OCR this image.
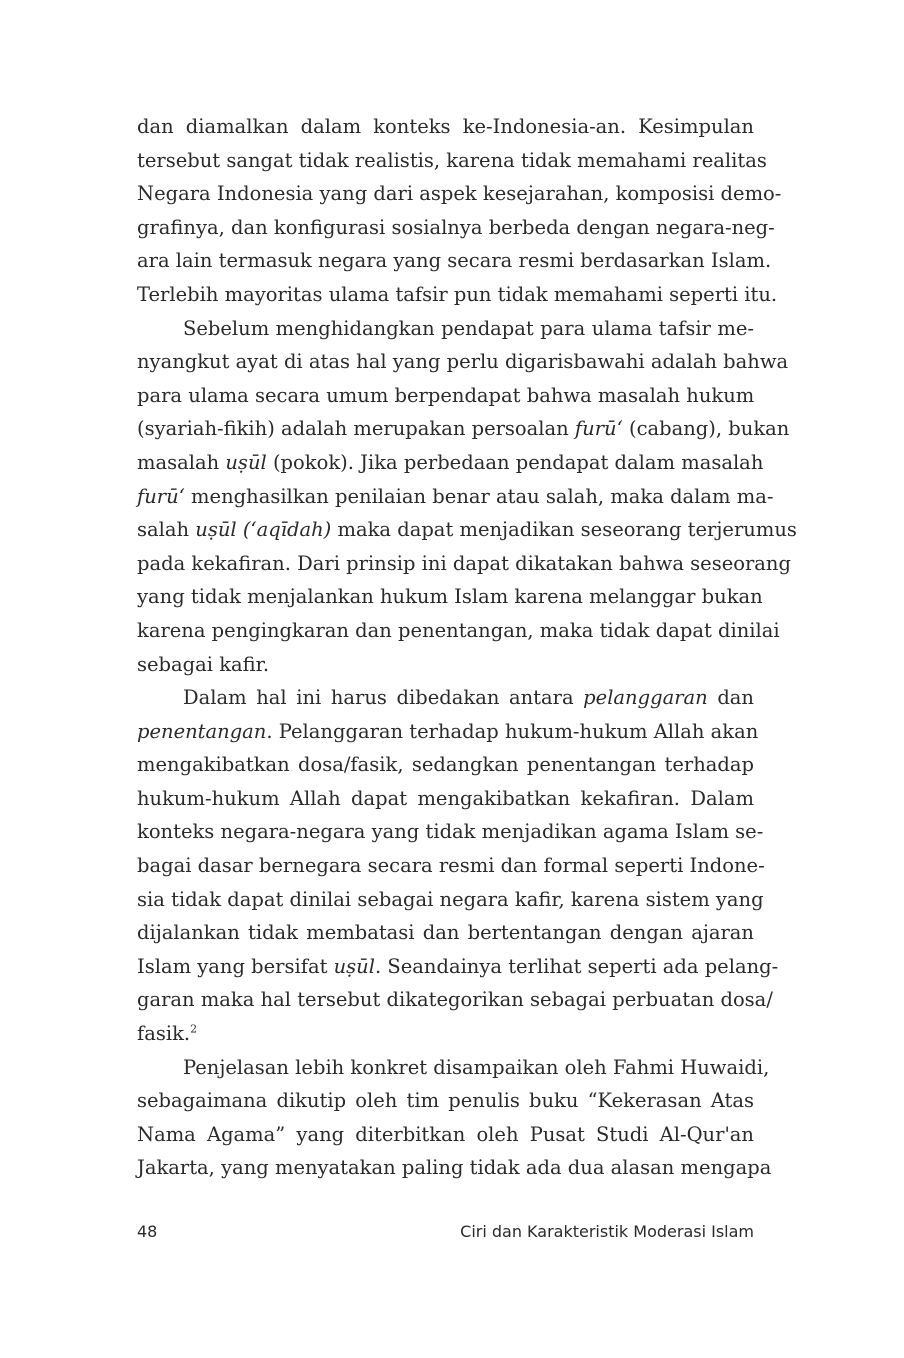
dan diamalkan dalam konteks ke-Indonesia-an. Kesimpulan
tersebut sangat tidak realistis, karena tidak memahami realitas
Negara Indonesia yang dari aspek kesejarahan, komposisi demo-
grafinya, dan konfigurasi sosialnya berbeda dengan negara-neg-
ara lain termasuk negara yang secara resmi berdasarkan Islam.
Terlebih mayoritas ulama tafsir pun tidak memahami seperti itu.
Sebelum menghidangkan pendapat para ulama tafsir me-
nyangkut ayat di atas hal yang perlu digarisbawahi adalah bahwa
para ulama secara umum berpendapat bahwa masalah hukum
(syariah-fikih) adalah merupakan persoalan furū‘ (cabang), bukan
masalah uṣūl (pokok). Jika perbedaan pendapat dalam masalah
furū‘ menghasilkan penilaian benar atau salah, maka dalam ma-
salah uṣūl (‘aqīdah) maka dapat menjadikan seseorang terjerumus
pada kekafiran. Dari prinsip ini dapat dikatakan bahwa seseorang
yang tidak menjalankan hukum Islam karena melanggar bukan
karena pengingkaran dan penentangan, maka tidak dapat dinilai
sebagai kafir.
Dalam hal ini harus dibedakan antara pelanggaran dan
penentangan. Pelanggaran terhadap hukum-hukum Allah akan
mengakibatkan dosa/fasik, sedangkan penentangan terhadap
hukum-hukum Allah dapat mengakibatkan kekafiran. Dalam
konteks negara-negara yang tidak menjadikan agama Islam se-
bagai dasar bernegara secara resmi dan formal seperti Indone-
sia tidak dapat dinilai sebagai negara kafir, karena sistem yang
dijalankan tidak membatasi dan bertentangan dengan ajaran
Islam yang bersifat uṣūl. Seandainya terlihat seperti ada pelang-
garan maka hal tersebut dikategorikan sebagai perbuatan dosa/
fasik.$^2$
Penjelasan lebih konkret disampaikan oleh Fahmi Huwaidi,
sebagaimana dikutip oleh tim penulis buku “Kekerasan Atas
Nama Agama” yang diterbitkan oleh Pusat Studi Al-Qur'an
Jakarta, yang menyatakan paling tidak ada dua alasan mengapa
48	Ciri dan Karakteristik Moderasi Islam
